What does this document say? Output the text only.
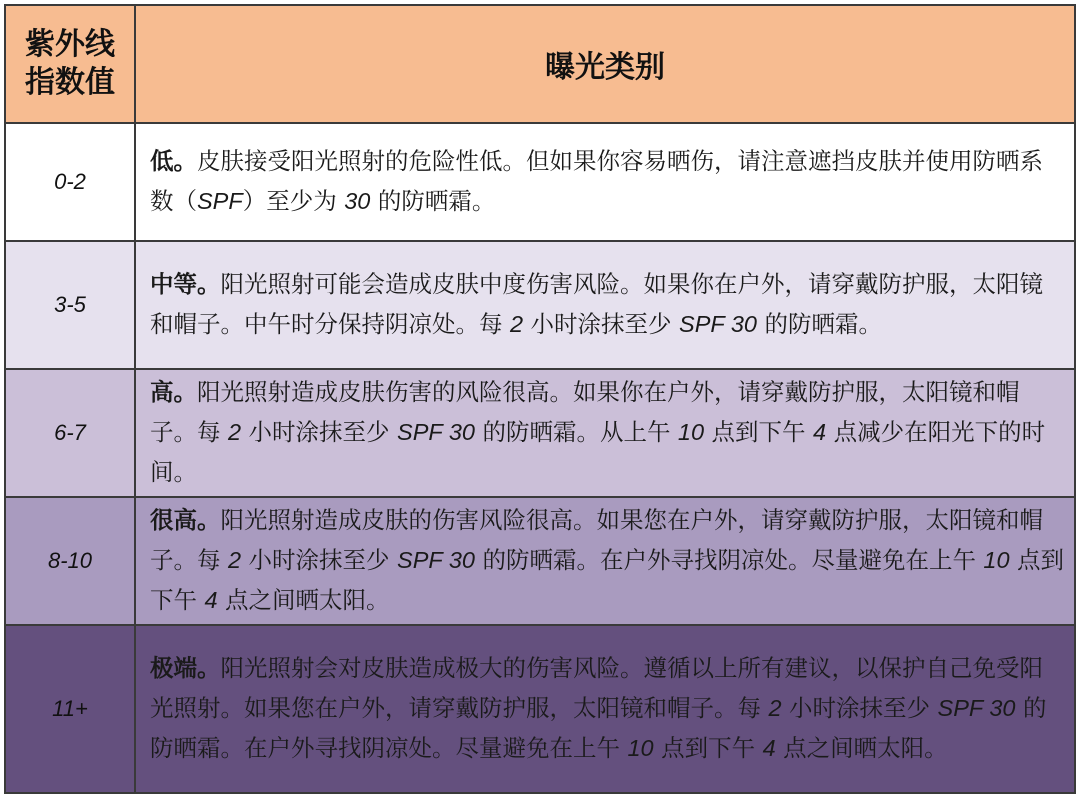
紫外线
指数值	曝光类别
0-2	低。皮肤接受阳光照射的危险性低。但如果你容易晒伤，请注意遮挡皮肤并使用防晒系数（SPF）至少为 30 的防晒霜。
3-5	中等。阳光照射可能会造成皮肤中度伤害风险。如果你在户外，请穿戴防护服，太阳镜和帽子。中午时分保持阴凉处。每 2 小时涂抹至少 SPF 30 的防晒霜。
6-7	高。阳光照射造成皮肤伤害的风险很高。如果你在户外，请穿戴防护服，太阳镜和帽子。每 2 小时涂抹至少 SPF 30 的防晒霜。从上午 10 点到下午 4 点减少在阳光下的时间。
8-10	很高。阳光照射造成皮肤的伤害风险很高。如果您在户外，请穿戴防护服，太阳镜和帽子。每 2 小时涂抹至少 SPF 30 的防晒霜。在户外寻找阴凉处。尽量避免在上午 10 点到下午 4 点之间晒太阳。
11+	极端。阳光照射会对皮肤造成极大的伤害风险。遵循以上所有建议，以保护自己免受阳光照射。如果您在户外，请穿戴防护服，太阳镜和帽子。每 2 小时涂抹至少 SPF 30 的防晒霜。在户外寻找阴凉处。尽量避免在上午 10 点到下午 4 点之间晒太阳。
